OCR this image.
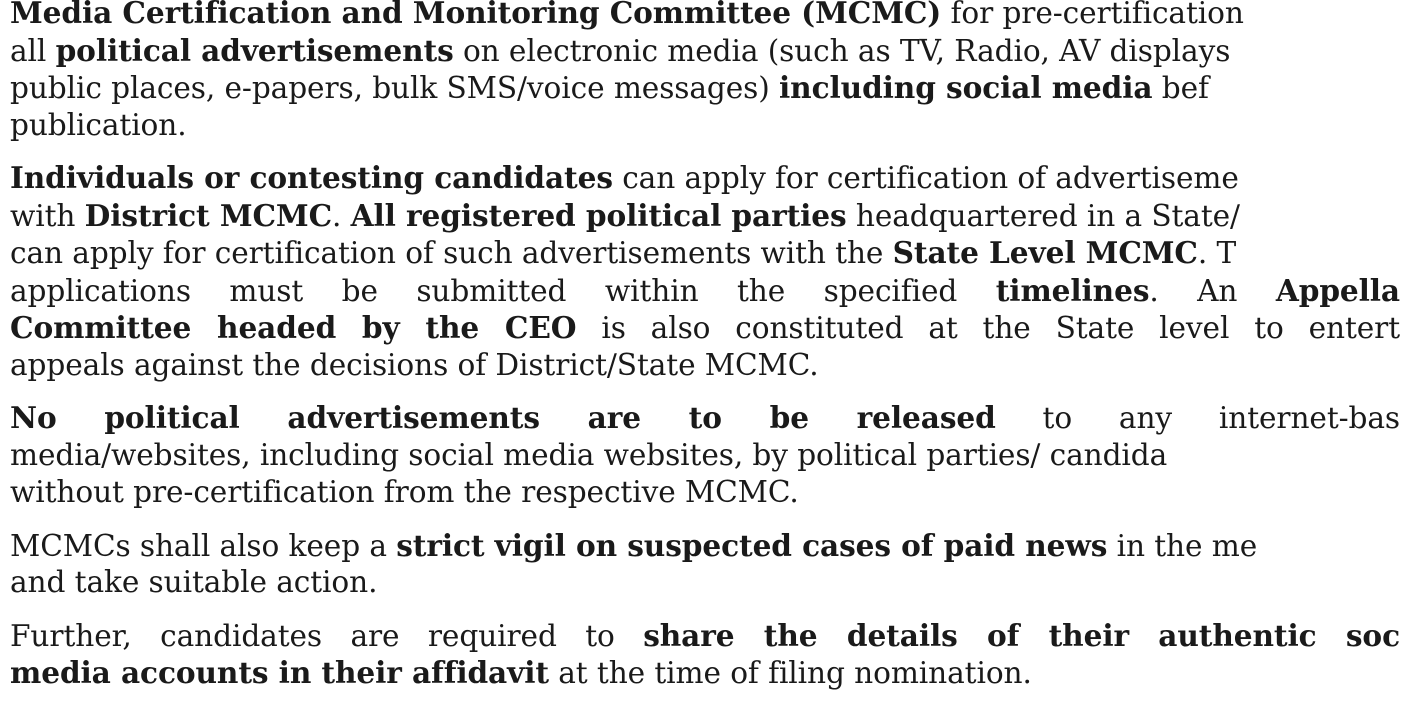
Media Certification and Monitoring Committee (MCMC) for pre-certification
all political advertisements on electronic media (such as TV, Radio, AV displays
public places, e-papers, bulk SMS/voice messages) including social media bef
publication.
Individuals or contesting candidates can apply for certification of advertiseme
with District MCMC. All registered political parties headquartered in a State/
can apply for certification of such advertisements with the State Level MCMC. T
applications must be submitted within the specified timelines. An Appella
Committee headed by the CEO is also constituted at the State level to entert
appeals against the decisions of District/State MCMC.
No political advertisements are to be released to any internet-bas
media/websites, including social media websites, by political parties/ candida
without pre-certification from the respective MCMC.
MCMCs shall also keep a strict vigil on suspected cases of paid news in the me
and take suitable action.
Further, candidates are required to share the details of their authentic soc
media accounts in their affidavit at the time of filing nomination.
